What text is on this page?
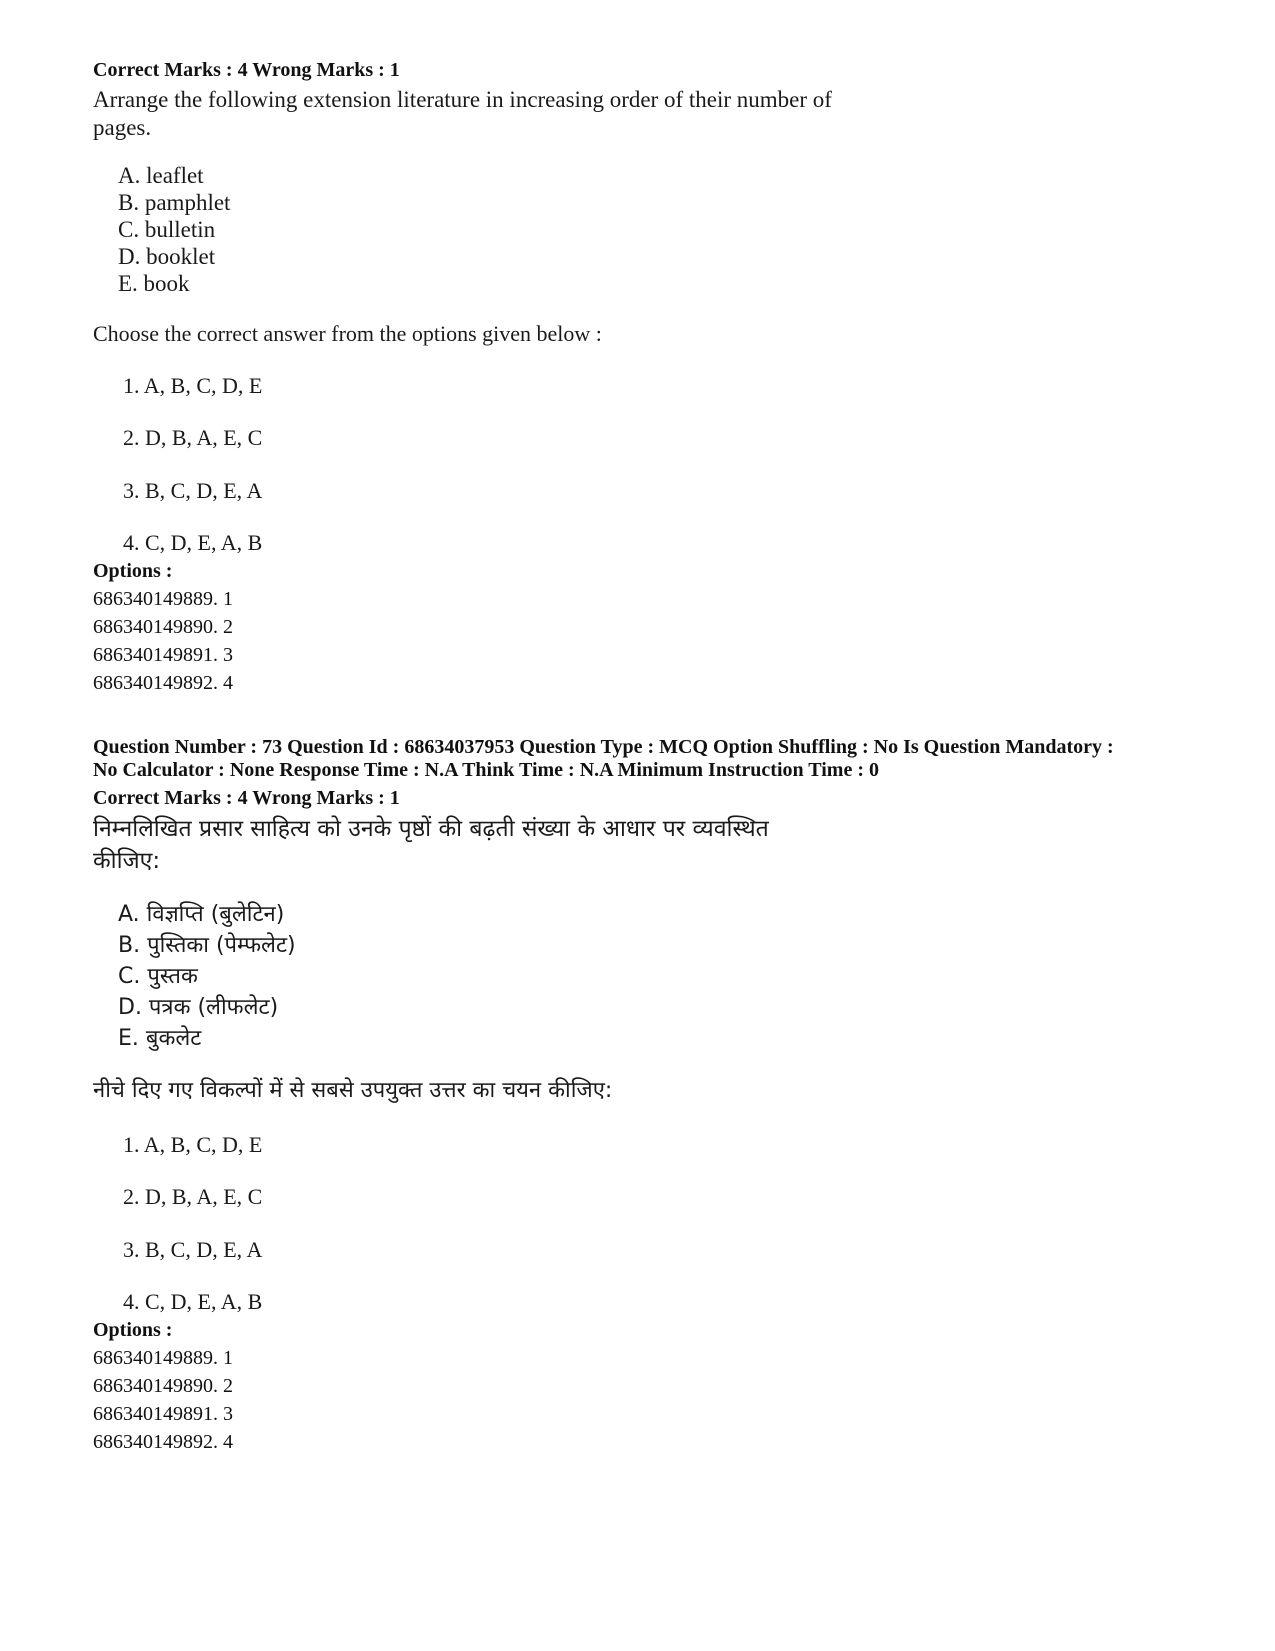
Correct Marks : 4 Wrong Marks : 1
Arrange the following extension literature in increasing order of their number of
pages.
A. leaflet
B. pamphlet
C. bulletin
D. booklet
E. book
Choose the correct answer from the options given below :
1. A, B, C, D, E
2. D, B, A, E, C
3. B, C, D, E, A
4. C, D, E, A, B
Options :
686340149889. 1
686340149890. 2
686340149891. 3
686340149892. 4
Question Number : 73 Question Id : 68634037953 Question Type : MCQ Option Shuffling : No Is Question Mandatory :
No Calculator : None Response Time : N.A Think Time : N.A Minimum Instruction Time : 0
Correct Marks : 4 Wrong Marks : 1
निम्नलिखित प्रसार साहित्य को उनके पृष्ठों की बढ़ती संख्या के आधार पर व्यवस्थित
कीजिए:
A. विज्ञप्ति (बुलेटिन)
B. पुस्तिका (पेम्फलेट)
C. पुस्तक
D. पत्रक (लीफलेट)
E. बुकलेट
नीचे दिए गए विकल्पों में से सबसे उपयुक्त उत्तर का चयन कीजिए:
1. A, B, C, D, E
2. D, B, A, E, C
3. B, C, D, E, A
4. C, D, E, A, B
Options :
686340149889. 1
686340149890. 2
686340149891. 3
686340149892. 4
